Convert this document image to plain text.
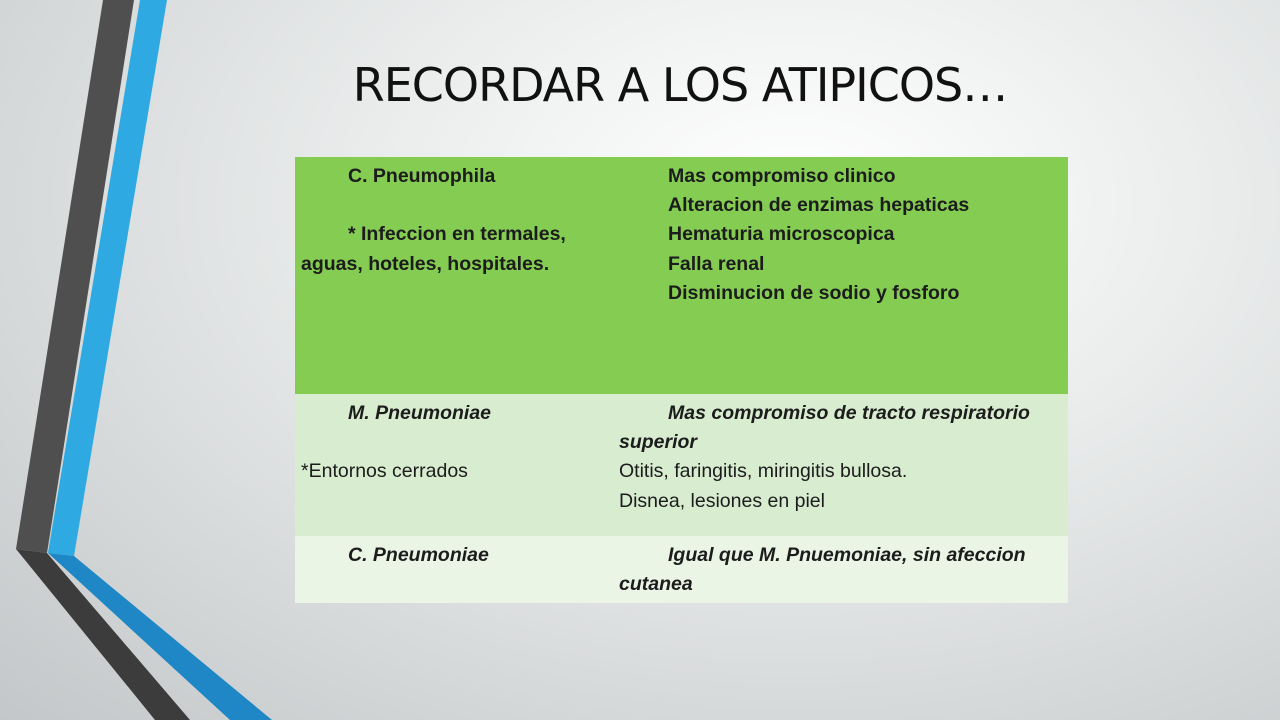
RECORDAR A LOS ATIPICOS…
C. Pneumophila

* Infeccion en termales,
aguas, hoteles, hospitales.
Mas compromiso clinico
Alteracion de enzimas hepaticas
Hematuria microscopica
Falla renal
Disminucion de sodio y fosforo
M. Pneumoniae

*Entornos cerrados
Mas compromiso de tracto respiratorio
superior
Otitis, faringitis, miringitis bullosa.
Disnea, lesiones en piel
C. Pneumoniae	Igual que M. Pnuemoniae, sin afeccion
cutanea
